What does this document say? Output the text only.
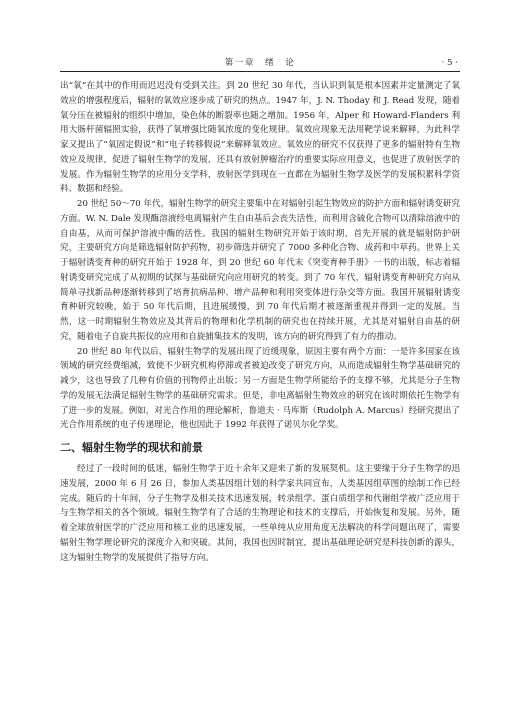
第一章　绪　论	· 5 ·

出“氧”在其中的作用而迟迟没有受到关注。到 20 世纪 30 年代，当认识到氧是根本因素并定量测定了氧效应的增强程度后，辐射的氧效应逐步成了研究的热点。1947 年，J. N. Thoday 和 J. Read 发现，随着氧分压在被辐射的组织中增加，染色体的断裂率也随之增加。1956 年，Alper 和 Howard-Flanders 利用大肠杆菌辐照实验，获得了氧增强比随氧浓度的变化规律。氧效应现象无法用靶学说来解释，为此科学家又提出了“氧固定假说”和“电子转移假说”来解释氧效应。氧效应的研究不仅获得了更多的辐射特有生物效应及规律，促进了辐射生物学的发展，还具有放射肿瘤治疗的重要实际应用意义，也促进了放射医学的发展。作为辐射生物学的应用分支学科，放射医学到现在一直都在为辐射生物学及医学的发展积累科学资料、数据和经验。

20 世纪 50～70 年代，辐射生物学的研究主要集中在对辐射引起生物效应的防护方面和辐射诱变研究方面。W. N. Dale 发现酶溶液经电离辐射产生自由基后会丧失活性，而利用含硫化合物可以清除溶液中的自由基，从而可保护溶液中酶的活性。我国的辐射生物研究开始于该时期，首先开展的就是辐射防护研究，主要研究方向是筛选辐射防护药物，初步筛选并研究了 7000 多种化合物、成药和中草药。世界上关于辐射诱变育种的研究开始于 1928 年，到 20 世纪 60 年代末《突变育种手册》一书的出版，标志着辐射诱变研究完成了从初期的试探与基础研究向应用研究的转变。到了 70 年代，辐射诱变育种研究方向从简单寻找新品种逐渐转移到了培育抗病品种、增产品种和利用突变体进行杂交等方面。我国开展辐射诱变育种研究较晚，始于 50 年代后期，且进展缓慢，到 70 年代后期才被逐渐重视并得到一定的发展。当然，这一时期辐射生物效应及其背后的物理和化学机制的研究也在持续开展，尤其是对辐射自由基的研究，随着电子自旋共振仪的应用和自旋捕集技术的发明，该方向的研究得到了有力的推动。

20 世纪 80 年代以后，辐射生物学的发展出现了近缓现象，原因主要有两个方面：一是许多国家在该领域的研究经费缩减，致使不少研究机构停滞或者被迫改变了研究方向，从而造成辐射生物学基础研究的减少，这也导致了几种有价值的刊物停止出版；另一方面是生物学所能给予的支撑不够，尤其是分子生物学的发展无法满足辐射生物学的基础研究需求。但是，非电离辐射生物效应的研究在该时期依托生物学有了进一步的发展。例如，对光合作用的理论解析，鲁道夫 · 马库斯（Rudolph A. Marcus）经研究提出了光合作用系统的电子传递理论，他也因此于 1992 年获得了诺贝尔化学奖。

二、辐射生物学的现状和前景

经过了一段时间的低迷，辐射生物学于近十余年又迎来了新的发展契机。这主要缘于分子生物学的迅速发展，2000 年 6 月 26 日，参加人类基因组计划的科学家共同宣布，人类基因组草图的绘制工作已经完成。随后的十年间，分子生物学及相关技术迅速发展，转录组学、蛋白质组学和代谢组学被广泛应用于与生物学相关的各个领域。辐射生物学有了合适的生物理论和技术的支撑后，开始恢复和发展。另外，随着全球放射医学的广泛应用和核工业的迅速发展，一些单纯从应用角度无法解决的科学问题出现了，需要辐射生物学理论研究的深度介入和突破。其间，我国也因时制宜，提出基础理论研究是科技创新的源头，这为辐射生物学的发展提供了指导方向。
